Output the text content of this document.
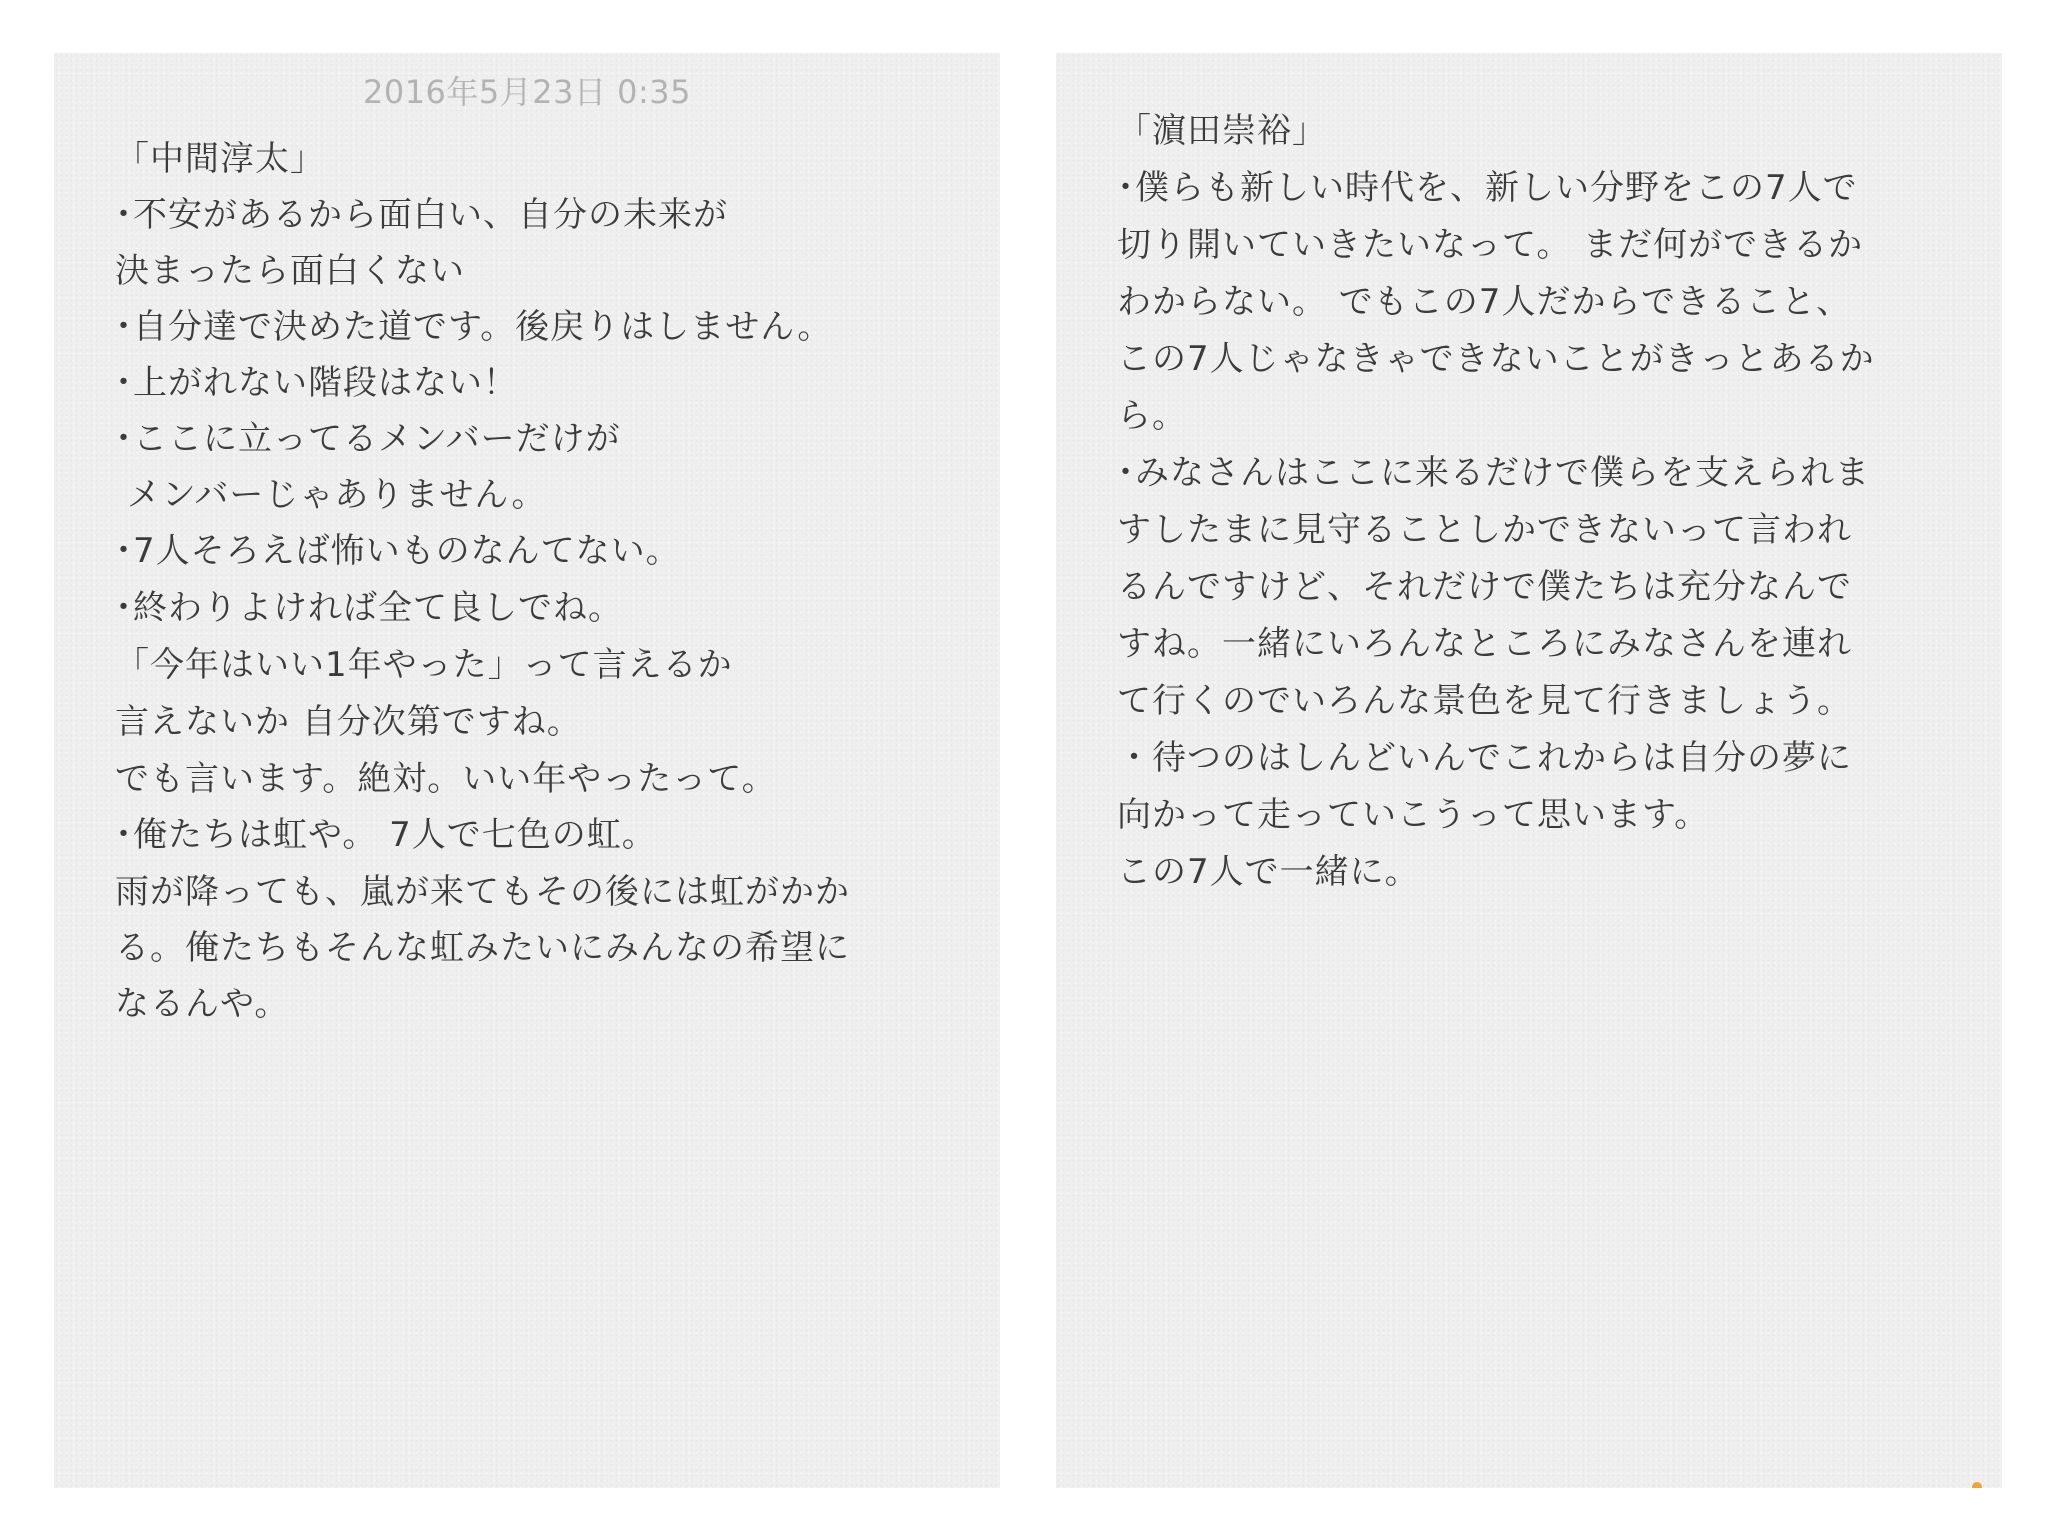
2016年5月23日 0:35
「中間淳太」
･不安があるから面白い、自分の未来が
決まったら面白くない
･自分達で決めた道です。後戻りはしません。
･上がれない階段はない！
･ここに立ってるメンバーだけが
メンバーじゃありません。
･7人そろえば怖いものなんてない。
･終わりよければ全て良しでね。
「今年はいい1年やった」って言えるか
言えないか 自分次第ですね。
でも言います。絶対。いい年やったって。
･俺たちは虹や。 7人で七色の虹。
雨が降っても、嵐が来てもその後には虹がかか
る。俺たちもそんな虹みたいにみんなの希望に
なるんや。
「濵田崇裕」
･僕らも新しい時代を、新しい分野をこの7人で
切り開いていきたいなって。 まだ何ができるか
わからない。 でもこの7人だからできること、
この7人じゃなきゃできないことがきっとあるか
ら。
･みなさんはここに来るだけで僕らを支えられま
すしたまに見守ることしかできないって言われ
るんですけど、それだけで僕たちは充分なんで
すね。一緒にいろんなところにみなさんを連れ
て行くのでいろんな景色を見て行きましょう。
・待つのはしんどいんでこれからは自分の夢に
向かって走っていこうって思います。
この7人で一緒に。
